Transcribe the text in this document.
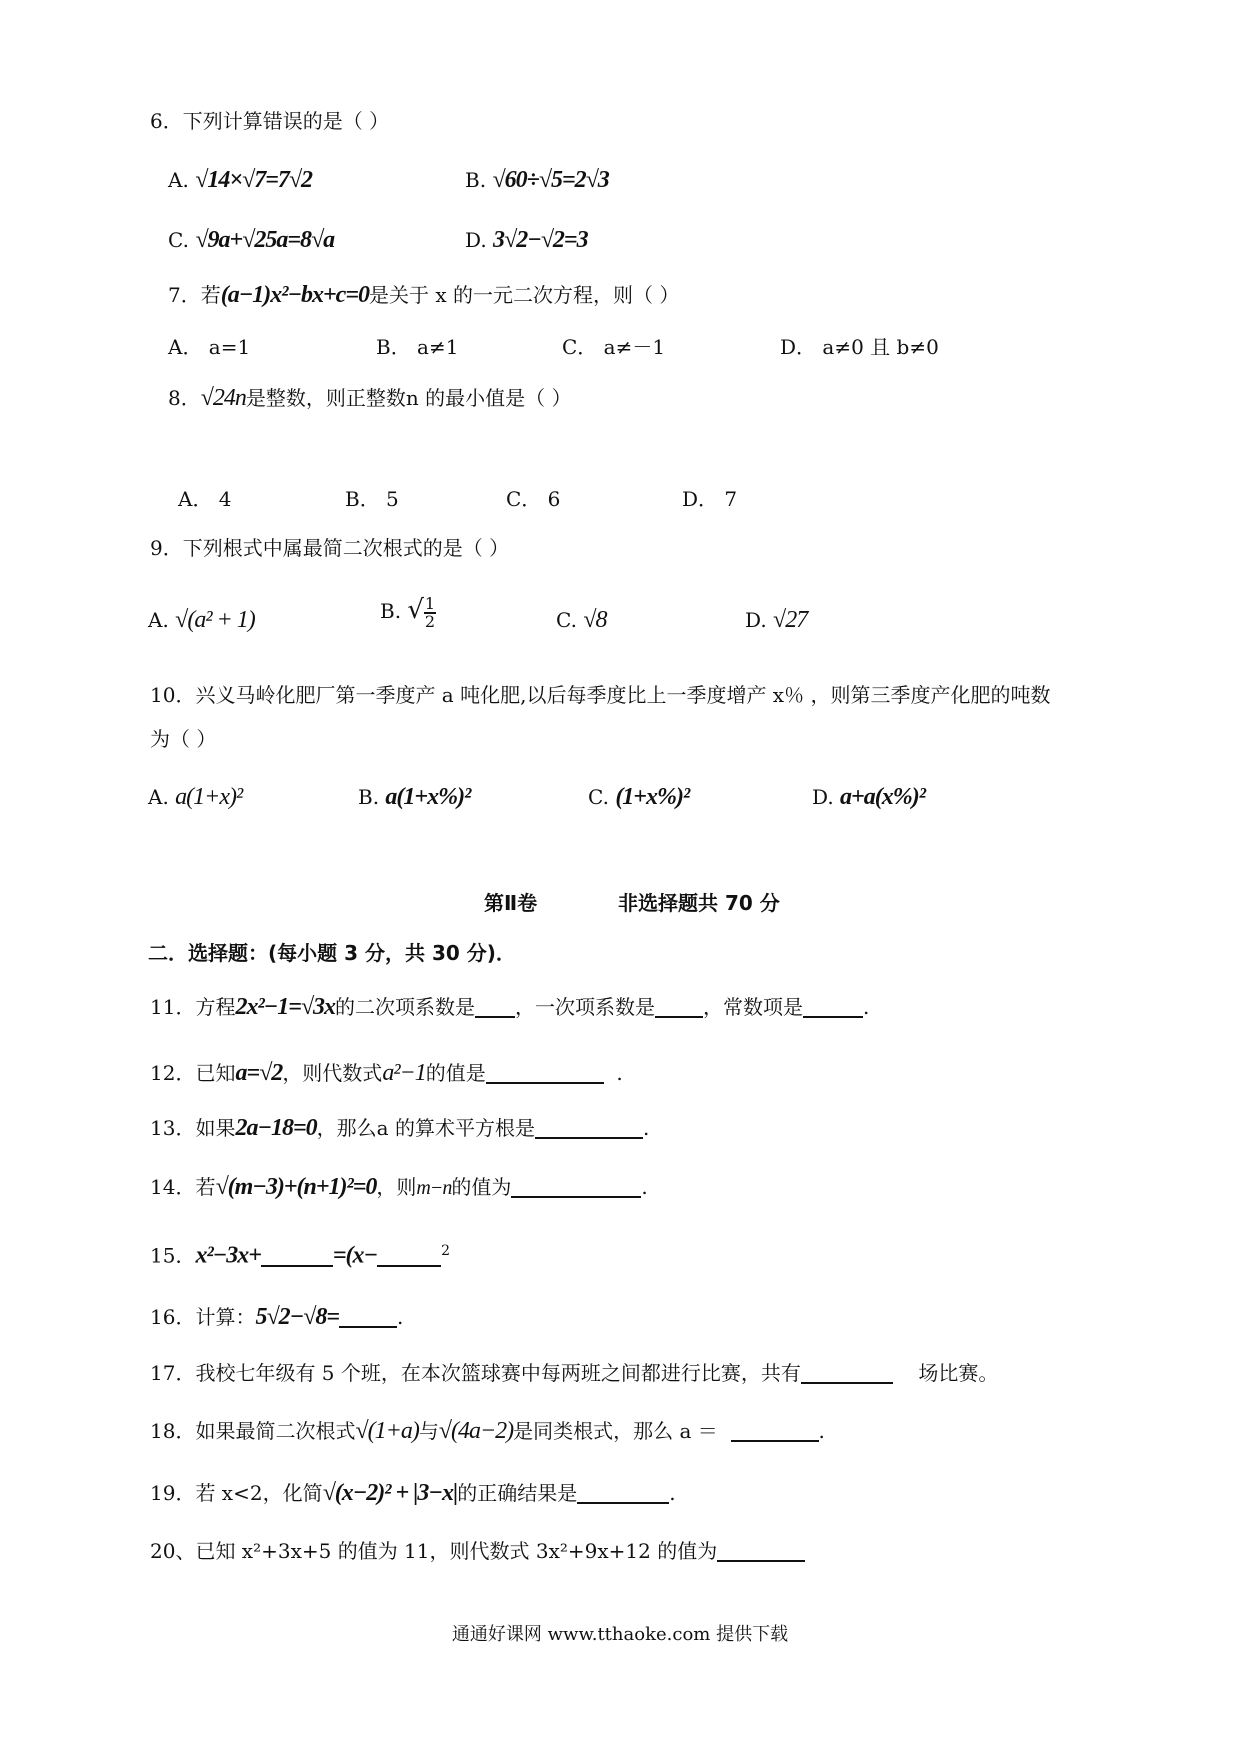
6．下列计算错误的是（ ）
A. √14×√7=7√2	B. √60÷√5=2√3
C. √9a+√25a=8√a	D. 3√2−√2=3
7．若(a−1)x²−bx+c=0是关于 x 的一元二次方程，则（ ）
A． a=1	B． a≠1	C． a≠－1	D． a≠0 且 b≠0
8．√24n是整数，则正整数n 的最小值是（ ）
A． 4	B． 5	C． 6	D． 7
9．下列根式中属最简二次根式的是（ ）
A. √(a² + 1)	B. √ $\frac{1}{2}$	C. √8	D. √27
10．兴义马岭化肥厂第一季度产 a 吨化肥,以后每季度比上一季度增产 x％ ，则第三季度产化肥的吨数
为（ ）
A. a(1+x)²	B. a(1+x%)²	C. (1+x%)²	D. a+a(x%)²
第Ⅱ卷	非选择题共 70 分
二．选择题：(每小题 3 分，共 30 分)．
11．方程2x²−1=√3x的二次项系数是 ，一次项系数是 ，常数项是	.
12．已知a=√2，则代数式a²−1的值是	.
13．如果2a−18=0，那么a 的算术平方根是	.
14．若√(m−3)+(n+1)²=0，则m−n的值为	.
15．x²−3x+	=(x−	$^2$
16．计算：5√2−√8=	.
17．我校七年级有 5 个班，在本次篮球赛中每两班之间都进行比赛，共有	场比赛。
18．如果最简二次根式√(1+a)与√(4a−2)是同类根式，那么 a ＝	.
19．若 x<2，化简√(x−2)² + |3−x|的正确结果是	.
20、已知 x²+3x+5 的值为 11，则代数式 3x²+9x+12 的值为
通通好课网 www.tthaoke.com 提供下载
